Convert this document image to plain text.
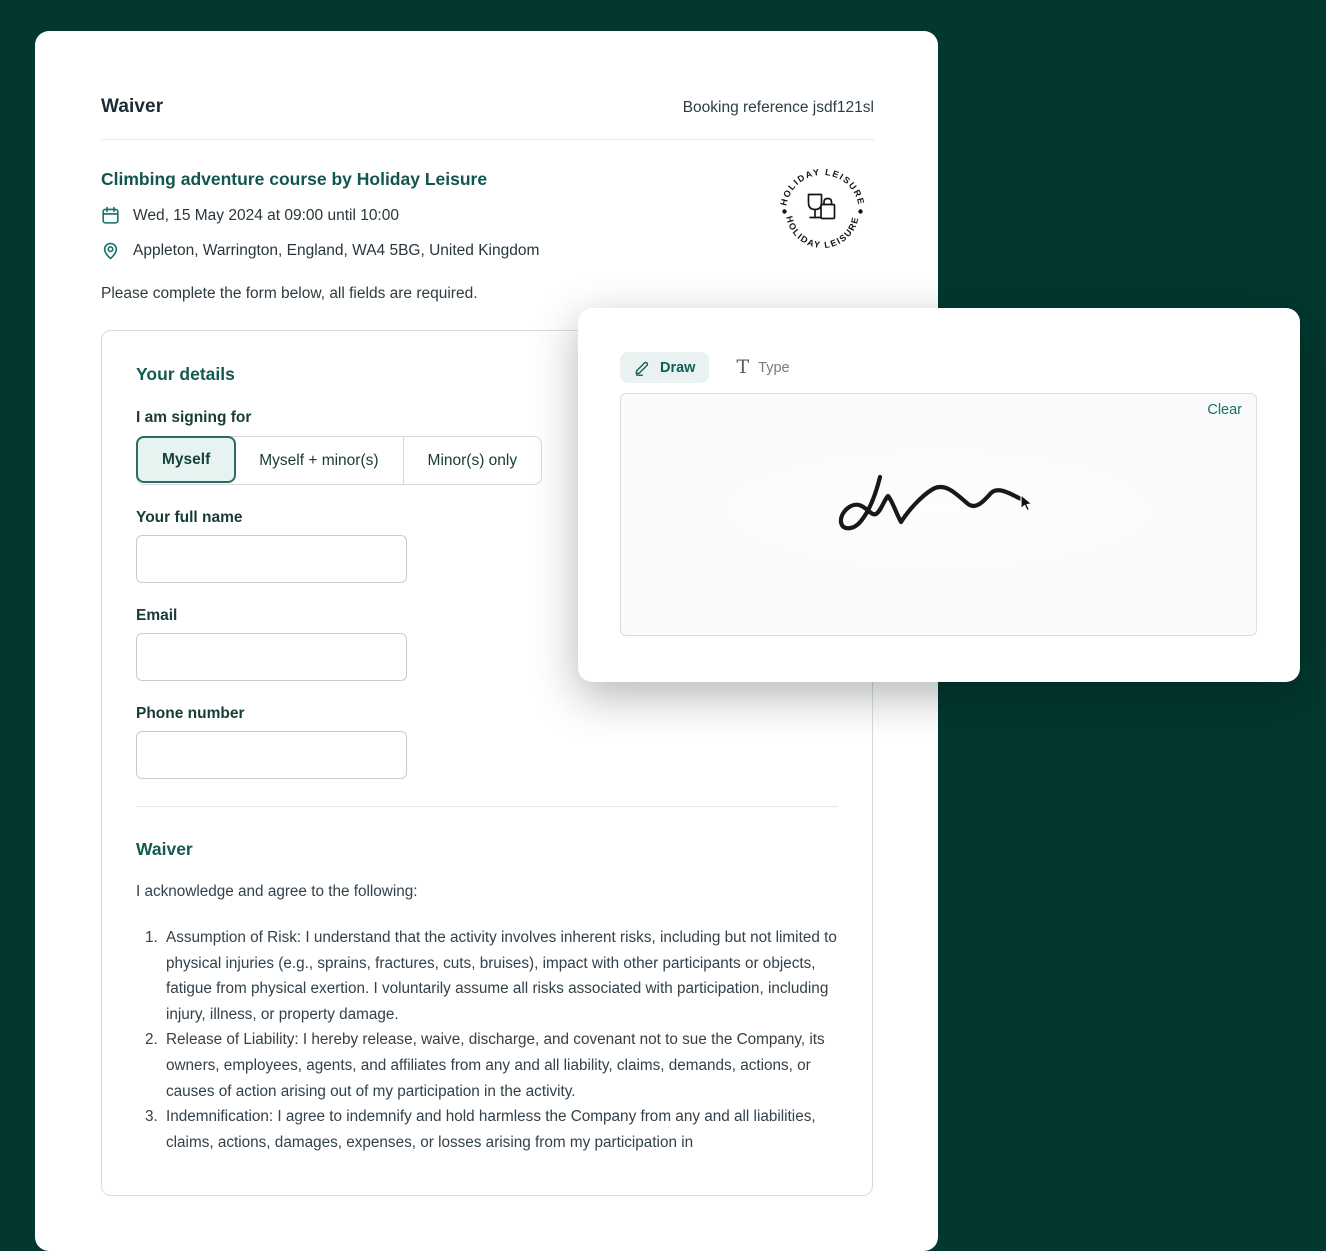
Waiver	Booking reference jsdf121sl
Climbing adventure course by Holiday Leisure
Wed, 15 May 2024 at 09:00 until 10:00
Appleton, Warrington, England, WA4 5BG, United Kingdom
Please complete the form below, all fields are required.
HOLIDAY LEISURE
HOLIDAY LEISURE
Your details
I am signing for
Myself	Myself + minor(s)	Minor(s) only
Your full name
Email
Phone number
Waiver
I acknowledge and agree to the following:
1. Assumption of Risk: I understand that the activity involves inherent risks, including but not limited to physical injuries (e.g., sprains, fractures, cuts, bruises), impact with other participants or objects, fatigue from physical exertion. I voluntarily assume all risks associated with participation, including injury, illness, or property damage.
2. Release of Liability: I hereby release, waive, discharge, and covenant not to sue the Company, its owners, employees, agents, and affiliates from any and all liability, claims, demands, actions, or causes of action arising out of my participation in the activity.
3. Indemnification: I agree to indemnify and hold harmless the Company from any and all liabilities, claims, actions, damages, expenses, or losses arising from my participation in
Draw T Type
Clear
